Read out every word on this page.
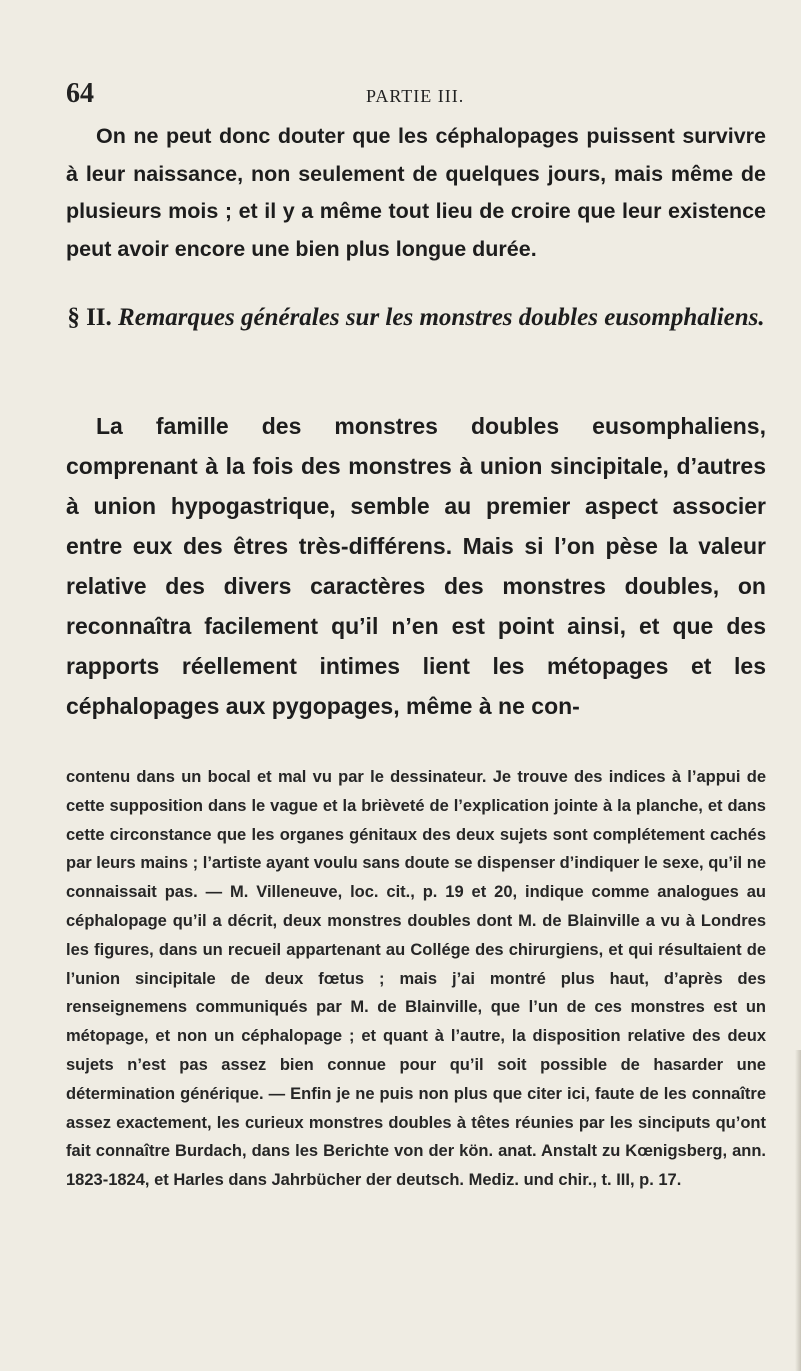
64	PARTIE III.

On ne peut donc douter que les céphalopages puissent survivre à leur naissance, non seulement de quelques jours, mais même de plusieurs mois ; et il y a même tout lieu de croire que leur existence peut avoir encore une bien plus longue durée.

§ II. Remarques générales sur les monstres doubles eusomphaliens.

La famille des monstres doubles eusomphaliens, comprenant à la fois des monstres à union sincipitale, d’autres à union hypogastrique, semble au premier aspect associer entre eux des êtres très-différens. Mais si l’on pèse la valeur relative des divers caractères des monstres doubles, on reconnaîtra facilement qu’il n’en est point ainsi, et que des rapports réellement intimes lient les métopages et les céphalopages aux pygopages, même à ne con-

contenu dans un bocal et mal vu par le dessinateur. Je trouve des indices à l’appui de cette supposition dans le vague et la brièveté de l’explication jointe à la planche, et dans cette circonstance que les organes génitaux des deux sujets sont complétement cachés par leurs mains ; l’artiste ayant voulu sans doute se dispenser d’indiquer le sexe, qu’il ne connaissait pas. — M. Villeneuve, loc. cit., p. 19 et 20, indique comme analogues au céphalopage qu’il a décrit, deux monstres doubles dont M. de Blainville a vu à Londres les figures, dans un recueil appartenant au Collége des chirurgiens, et qui résultaient de l’union sincipitale de deux fœtus ; mais j’ai montré plus haut, d’après des renseignemens communiqués par M. de Blainville, que l’un de ces monstres est un métopage, et non un céphalopage ; et quant à l’autre, la disposition relative des deux sujets n’est pas assez bien connue pour qu’il soit possible de hasarder une détermination générique. — Enfin je ne puis non plus que citer ici, faute de les connaître assez exactement, les curieux monstres doubles à têtes réunies par les sinciputs qu’ont fait connaître Burdach, dans les Berichte von der kön. anat. Anstalt zu Kœnigsberg, ann. 1823-1824, et Harles dans Jahrbücher der deutsch. Mediz. und chir., t. III, p. 17.
